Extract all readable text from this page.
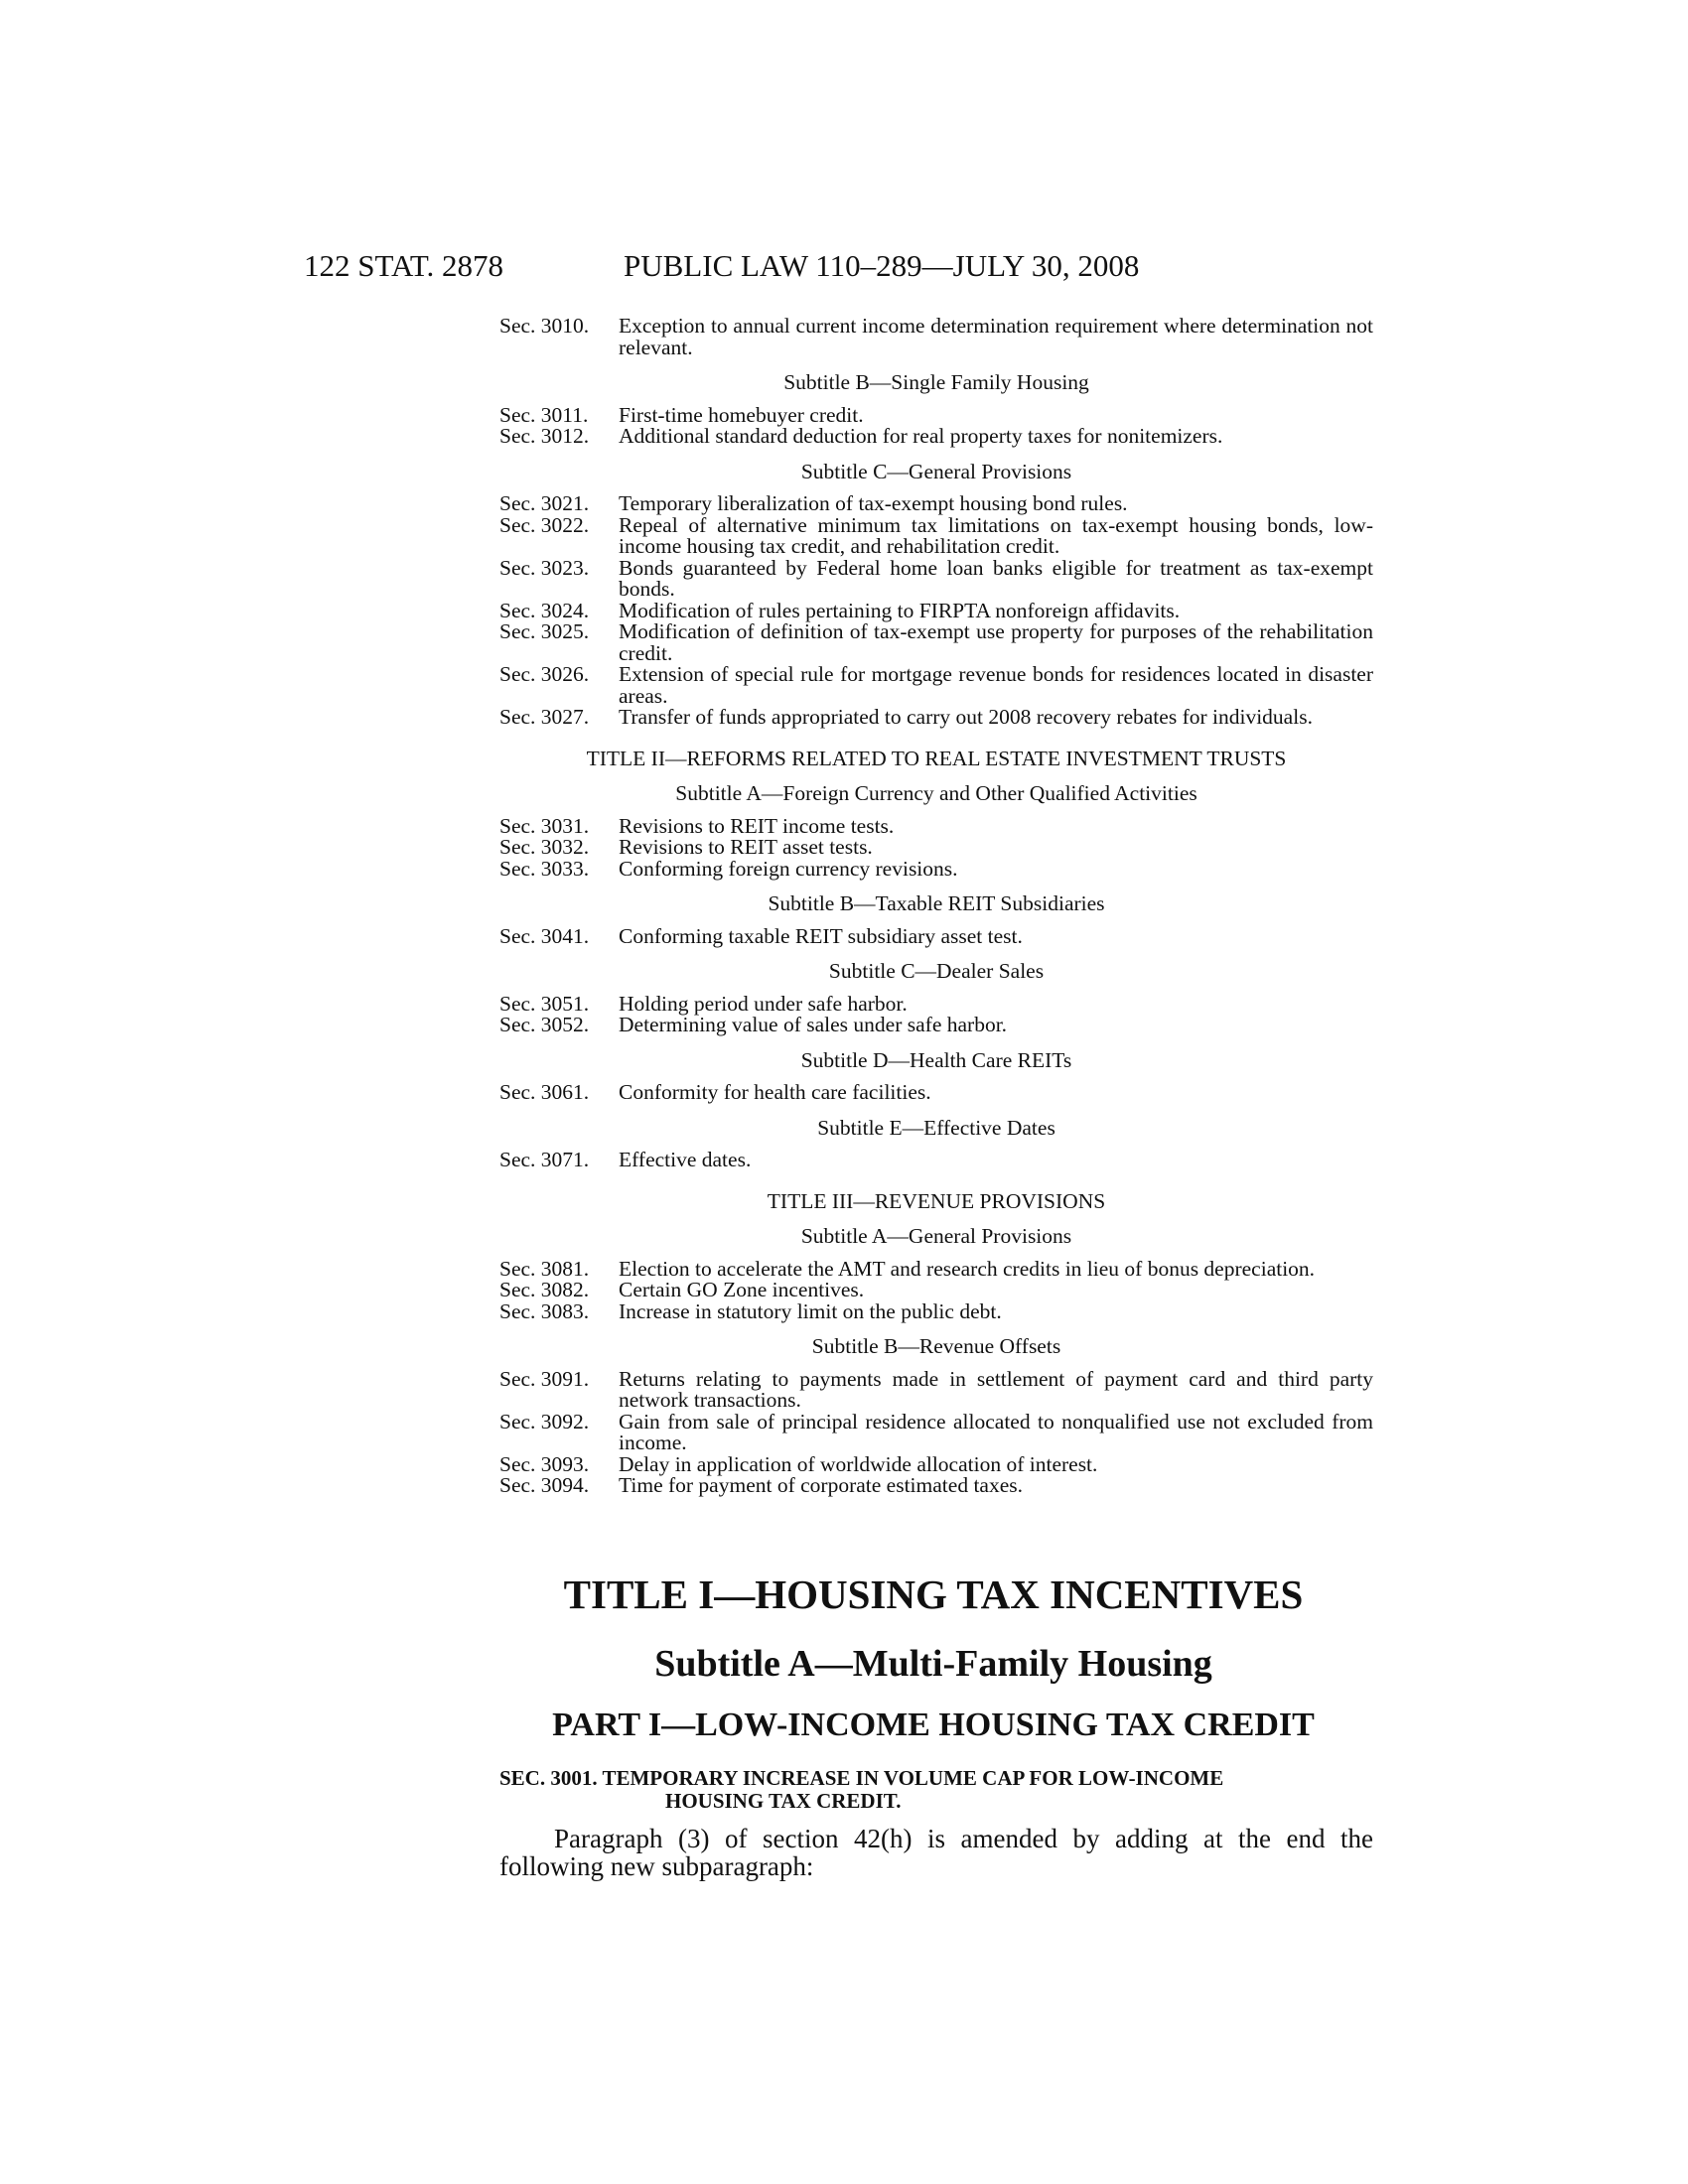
122 STAT. 2878	PUBLIC LAW 110–289—JULY 30, 2008
Sec. 3010.	Exception to annual current income determination requirement where determination not relevant.
Subtitle B—Single Family Housing
Sec. 3011.	First-time homebuyer credit.
Sec. 3012.	Additional standard deduction for real property taxes for nonitemizers.
Subtitle C—General Provisions
Sec. 3021.	Temporary liberalization of tax-exempt housing bond rules.
Sec. 3022.	Repeal of alternative minimum tax limitations on tax-exempt housing bonds, low-income housing tax credit, and rehabilitation credit.
Sec. 3023.	Bonds guaranteed by Federal home loan banks eligible for treatment as tax-exempt bonds.
Sec. 3024.	Modification of rules pertaining to FIRPTA nonforeign affidavits.
Sec. 3025.	Modification of definition of tax-exempt use property for purposes of the rehabilitation credit.
Sec. 3026.	Extension of special rule for mortgage revenue bonds for residences located in disaster areas.
Sec. 3027.	Transfer of funds appropriated to carry out 2008 recovery rebates for individuals.
TITLE II—REFORMS RELATED TO REAL ESTATE INVESTMENT TRUSTS
Subtitle A—Foreign Currency and Other Qualified Activities
Sec. 3031.	Revisions to REIT income tests.
Sec. 3032.	Revisions to REIT asset tests.
Sec. 3033.	Conforming foreign currency revisions.
Subtitle B—Taxable REIT Subsidiaries
Sec. 3041.	Conforming taxable REIT subsidiary asset test.
Subtitle C—Dealer Sales
Sec. 3051.	Holding period under safe harbor.
Sec. 3052.	Determining value of sales under safe harbor.
Subtitle D—Health Care REITs
Sec. 3061.	Conformity for health care facilities.
Subtitle E—Effective Dates
Sec. 3071.	Effective dates.
TITLE III—REVENUE PROVISIONS
Subtitle A—General Provisions
Sec. 3081.	Election to accelerate the AMT and research credits in lieu of bonus depreciation.
Sec. 3082.	Certain GO Zone incentives.
Sec. 3083.	Increase in statutory limit on the public debt.
Subtitle B—Revenue Offsets
Sec. 3091.	Returns relating to payments made in settlement of payment card and third party network transactions.
Sec. 3092.	Gain from sale of principal residence allocated to nonqualified use not excluded from income.
Sec. 3093.	Delay in application of worldwide allocation of interest.
Sec. 3094.	Time for payment of corporate estimated taxes.
TITLE I—HOUSING TAX INCENTIVES
Subtitle A—Multi-Family Housing
PART I—LOW-INCOME HOUSING TAX CREDIT
SEC. 3001. TEMPORARY INCREASE IN VOLUME CAP FOR LOW-INCOME
HOUSING TAX CREDIT.
Paragraph (3) of section 42(h) is amended by adding at the end the following new subparagraph:
